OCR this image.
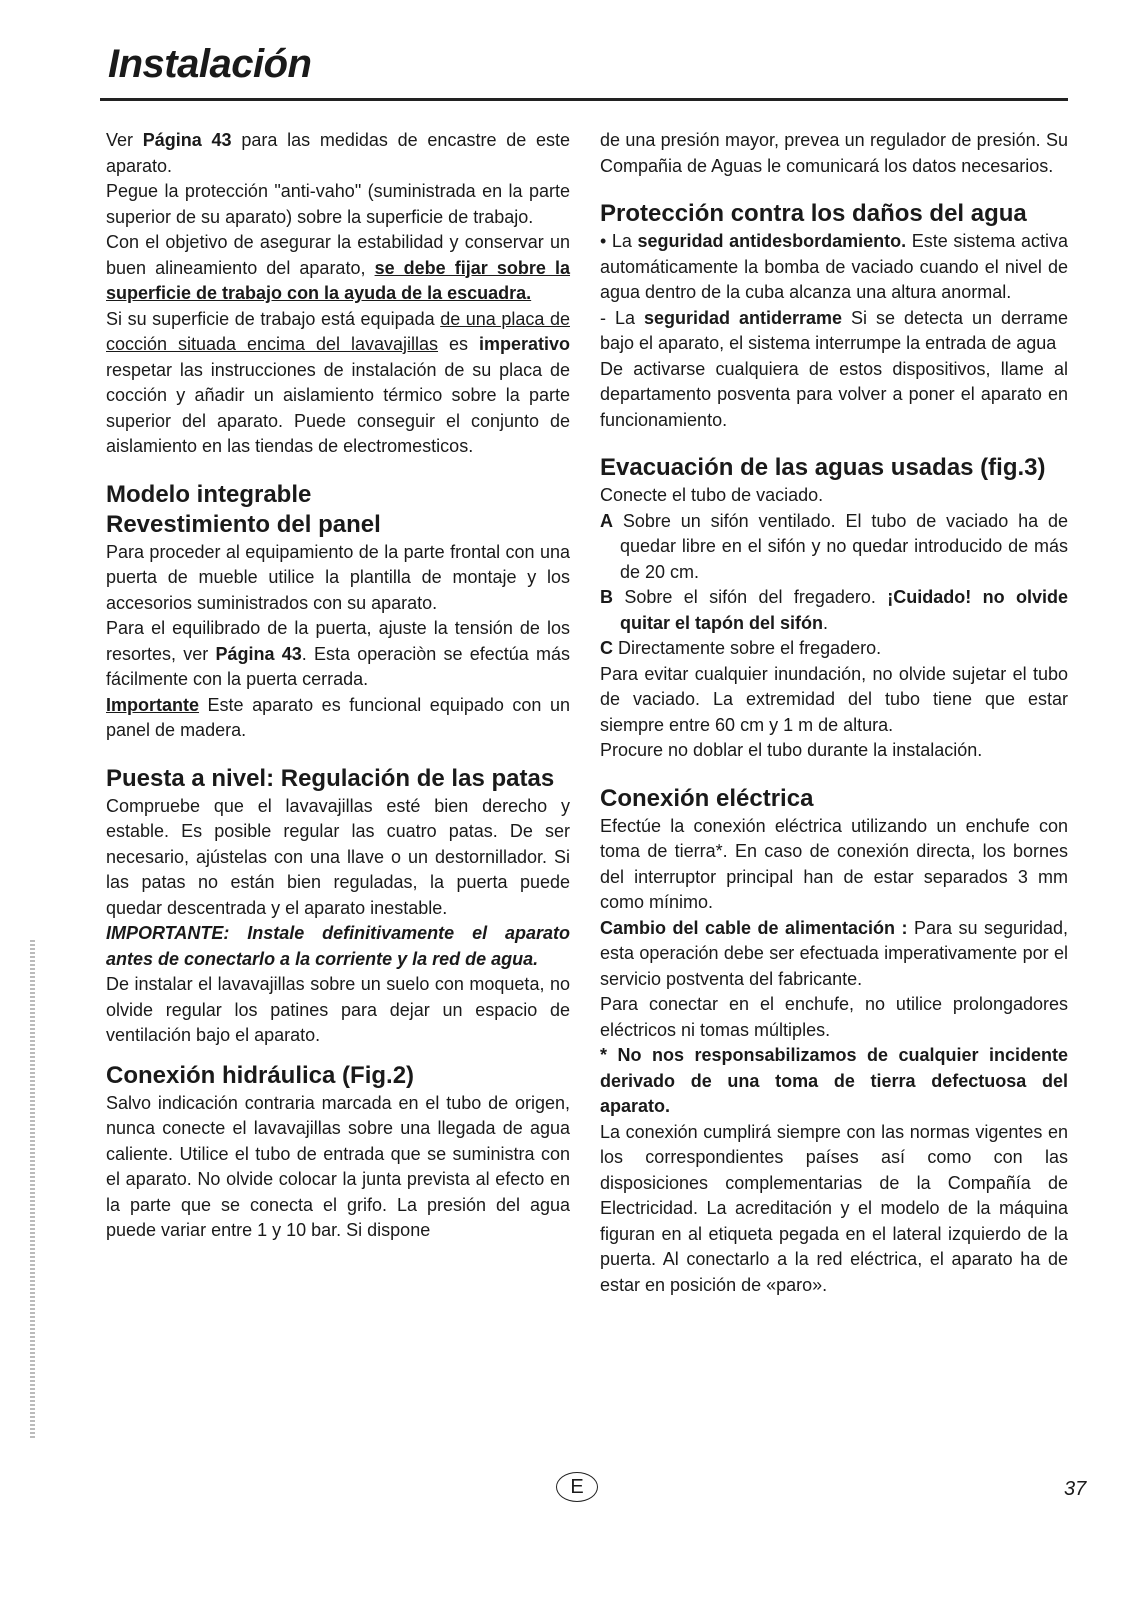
Instalación

Ver Página 43 para las medidas de encastre de este aparato.

Pegue la protección "anti-vaho" (suministrada en la parte superior de su aparato) sobre la superficie de trabajo.

Con el objetivo de asegurar la estabilidad y conservar un buen alineamiento del aparato, se debe fijar sobre la superficie de trabajo con la ayuda de la escuadra.

Si su superficie de trabajo está equipada de una placa de cocción situada encima del lavavajillas es imperativo respetar las instrucciones de instalación de su placa de cocción y añadir un aislamiento térmico sobre la parte superior del aparato. Puede conseguir el conjunto de aislamiento en las tiendas de electromesticos.

Modelo integrable
Revestimiento del panel

Para proceder al equipamiento de la parte frontal con una puerta de mueble utilice la plantilla de montaje y los accesorios suministrados con su aparato.

Para el equilibrado de la puerta, ajuste la tensión de los resortes, ver Página 43. Esta operaciòn se efectúa más fácilmente con la puerta cerrada.

Importante Este aparato es funcional equipado con un panel de madera.

Puesta a nivel: Regulación de las patas

Compruebe que el lavavajillas esté bien derecho y estable. Es posible regular las cuatro patas. De ser necesario, ajústelas con una llave o un destornillador. Si las patas no están bien reguladas, la puerta puede quedar descentrada y el aparato inestable.

IMPORTANTE: Instale definitivamente el aparato antes de conectarlo a la corriente y la red de agua.

De instalar el lavavajillas sobre un suelo con moqueta, no olvide regular los patines para dejar un espacio de ventilación bajo el aparato.

Conexión hidráulica (Fig.2)

Salvo indicación contraria marcada en el tubo de origen, nunca conecte el lavavajillas sobre una llegada de agua caliente. Utilice el tubo de entrada que se suministra con el aparato. No olvide colocar la junta prevista al efecto en la parte que se conecta el grifo. La presión del agua puede variar entre 1 y 10 bar. Si dispone

de una presión mayor, prevea un regulador de presión. Su Compañia de Aguas le comunicará los datos necesarios.

Protección contra los daños del agua

• La seguridad antidesbordamiento. Este sistema activa automáticamente la bomba de vaciado cuando el nivel de agua dentro de la cuba alcanza una altura anormal.

- La seguridad antiderrame Si se detecta un derrame bajo el aparato, el sistema interrumpe la entrada de agua

De activarse cualquiera de estos dispositivos, llame al departamento posventa para volver a poner el aparato en funcionamiento.

Evacuación de las aguas usadas (fig.3)

Conecte el tubo de vaciado.

A Sobre un sifón ventilado. El tubo de vaciado ha de quedar libre en el sifón y no quedar introducido de más de 20 cm.

B Sobre el sifón del fregadero. ¡Cuidado! no olvide quitar el tapón del sifón.

C Directamente sobre el fregadero.

Para evitar cualquier inundación, no olvide sujetar el tubo de vaciado. La extremidad del tubo tiene que estar siempre entre 60 cm y 1 m de altura.

Procure no doblar el tubo durante la instalación.

Conexión eléctrica

Efectúe la conexión eléctrica utilizando un enchufe con toma de tierra*. En caso de conexión directa, los bornes del interruptor principal han de estar separados 3 mm como mínimo.

Cambio del cable de alimentación : Para su seguridad, esta operación debe ser efectuada imperativamente por el servicio postventa del fabricante.

Para conectar en el enchufe, no utilice prolongadores eléctricos ni tomas múltiples.

* No nos responsabilizamos de cualquier incidente derivado de una toma de tierra defectuosa del aparato.

La conexión cumplirá siempre con las normas vigentes en los correspondientes países así como con las disposiciones complementarias de la Compañía de Electricidad. La acreditación y el modelo de la máquina figuran en al etiqueta pegada en el lateral izquierdo de la puerta. Al conectarlo a la red eléctrica, el aparato ha de estar en posición de «paro».

E	37
